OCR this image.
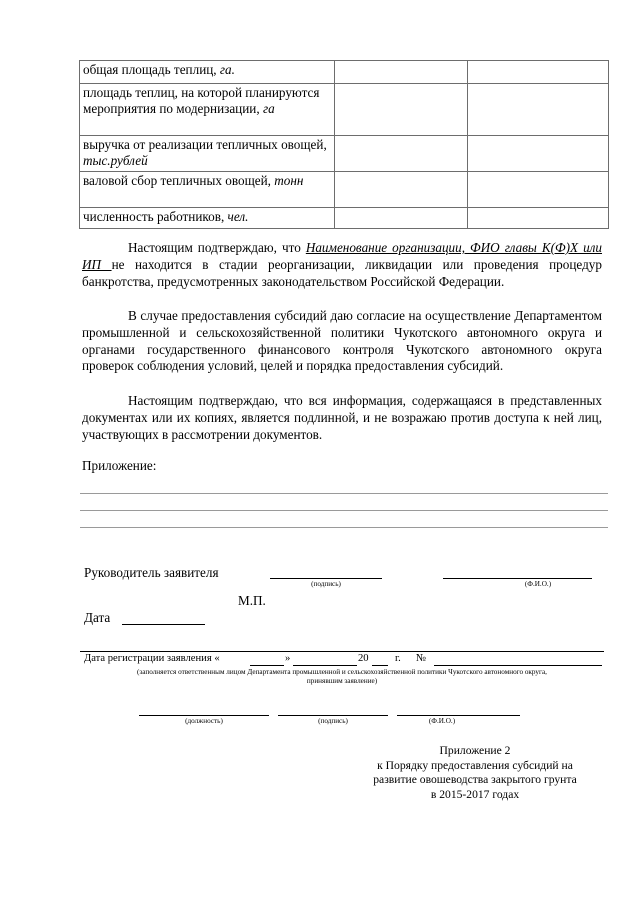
общая площадь теплиц, га.		
площадь теплиц, на которой планируются мероприятия по модернизации, га		
выручка от реализации тепличных овощей, тыс.рублей		
валовой сбор тепличных овощей, тонн		
численность работников, чел.		

Настоящим подтверждаю, что Наименование организации, ФИО главы К(Ф)Х или ИП не находится в стадии реорганизации, ликвидации или проведения процедур банкротства, предусмотренных законодательством Российской Федерации.

В случае предоставления субсидий даю согласие на осуществление Департаментом промышленной и сельскохозяйственной политики Чукотского автономного округа и органами государственного финансового контроля Чукотского автономного округа проверок соблюдения условий, целей и порядка предоставления субсидий.

Настоящим подтверждаю, что вся информация, содержащаяся в представленных документах или их копиях, является подлинной, и не возражаю против доступа к ней лиц, участвующих в рассмотрении документов.

Приложение:
Руководитель заявителя
(подпись)	(Ф.И.О.)
М.П.
Дата
Дата регистрации заявления «	»	20 г. №
(заполняется ответственным лицом Департамента промышленной и сельскохозяйственной политики Чукотского автономного округа,
принявшим заявление)
(должность)	(подпись)	(Ф.И.О.)
Приложение 2
к Порядку предоставления субсидий на
развитие овошеводства закрытого грунта
в 2015-2017 годах
